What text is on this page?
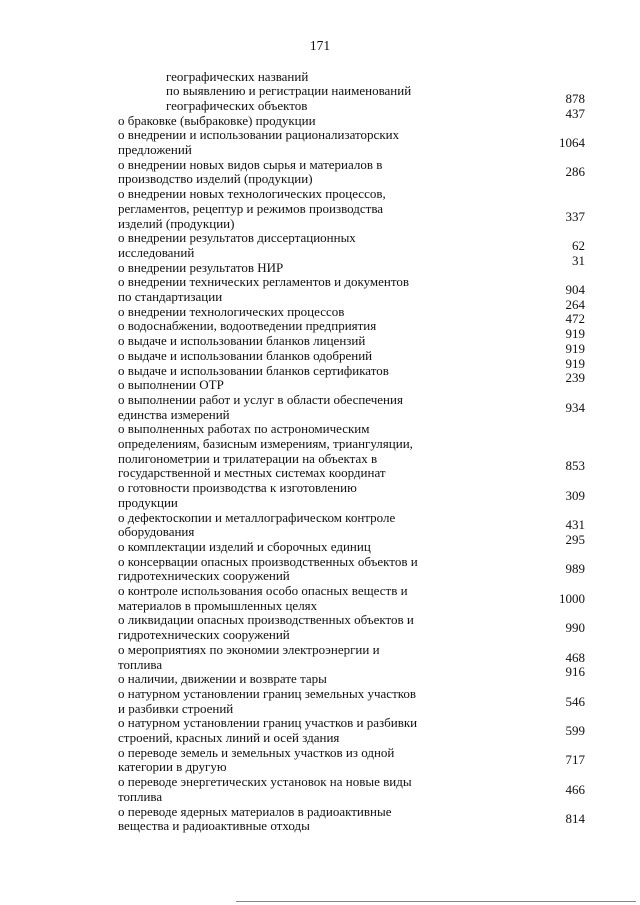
171
географических названий
по выявлению и регистрации наименований
географических объектов	878
о браковке (выбраковке) продукции	437
о внедрении и использовании рационализаторских
предложений	1064
о внедрении новых видов сырья и материалов в
производство изделий (продукции)	286
о внедрении новых технологических процессов,
регламентов, рецептур и режимов производства
изделий (продукции)	337
о внедрении результатов диссертационных
исследований	62
о внедрении результатов НИР	31
о внедрении технических регламентов и документов
по стандартизации	904
о внедрении технологических процессов	264
о водоснабжении, водоотведении предприятия	472
о выдаче и использовании бланков лицензий	919
о выдаче и использовании бланков одобрений	919
о выдаче и использовании бланков сертификатов	919
о выполнении ОТР	239
о выполнении работ и услуг в области обеспечения
единства измерений	934
о выполненных работах по астрономическим
определениям, базисным измерениям, триангуляции,
полигонометрии и трилатерации на объектах в
государственной и местных системах координат	853
о готовности производства к изготовлению
продукции	309
о дефектоскопии и металлографическом контроле
оборудования	431
о комплектации изделий и сборочных единиц	295
о консервации опасных производственных объектов и
гидротехнических сооружений	989
о контроле использования особо опасных веществ и
материалов в промышленных целях	1000
о ликвидации опасных производственных объектов и
гидротехнических сооружений	990
о мероприятиях по экономии электроэнергии и
топлива	468
о наличии, движении и возврате тары	916
о натурном установлении границ земельных участков
и разбивки строений	546
о натурном установлении границ участков и разбивки
строений, красных линий и осей здания	599
о переводе земель и земельных участков из одной
категории в другую	717
о переводе энергетических установок на новые виды
топлива	466
о переводе ядерных материалов в радиоактивные
вещества и радиоактивные отходы	814
